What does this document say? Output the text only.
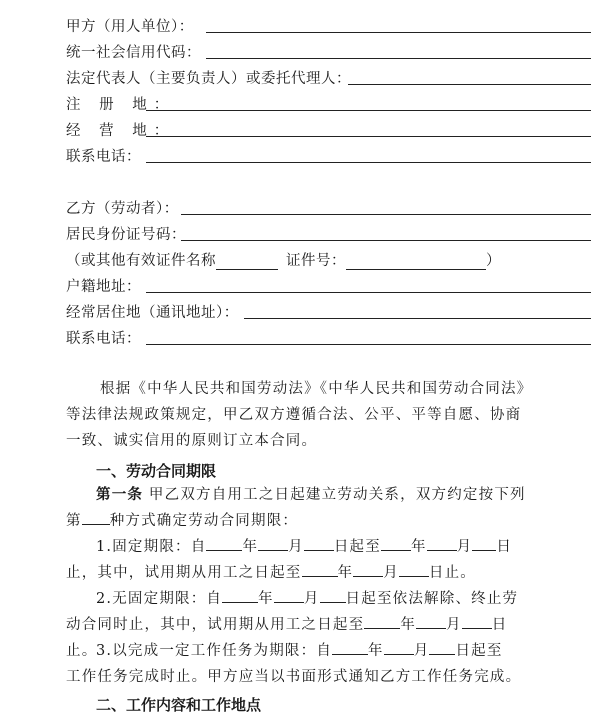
甲方（用人单位）：
统一社会信用代码：
法定代表人（主要负责人）或委托代理人：
注 册 地：
经 营 地：
联系电话：
乙方（劳动者）：
居民身份证号码：
（或其他有效证件名称	证件号：	）
户籍地址：
经常居住地（通讯地址）：
联系电话：
根据《中华人民共和国劳动法》《中华人民共和国劳动合同法》等法律法规政策规定，甲乙双方遵循合法、公平、平等自愿、协商一致、诚实信用的原则订立本合同。
一、劳动合同期限
第一条 甲乙双方自用工之日起建立劳动关系，双方约定按下列
第 种方式确定劳动合同期限：
1.固定期限：自 年 月 日起至 年 月 日
止，其中，试用期从用工之日起至 年 月 日止。
2.无固定期限：自 年 月 日起至依法解除、终止劳
动合同时止，其中，试用期从用工之日起至 年 月 日止。
3.以完成一定工作任务为期限：自 年 月 日起至
工作任务完成时止。甲方应当以书面形式通知乙方工作任务完成。
二、工作内容和工作地点
